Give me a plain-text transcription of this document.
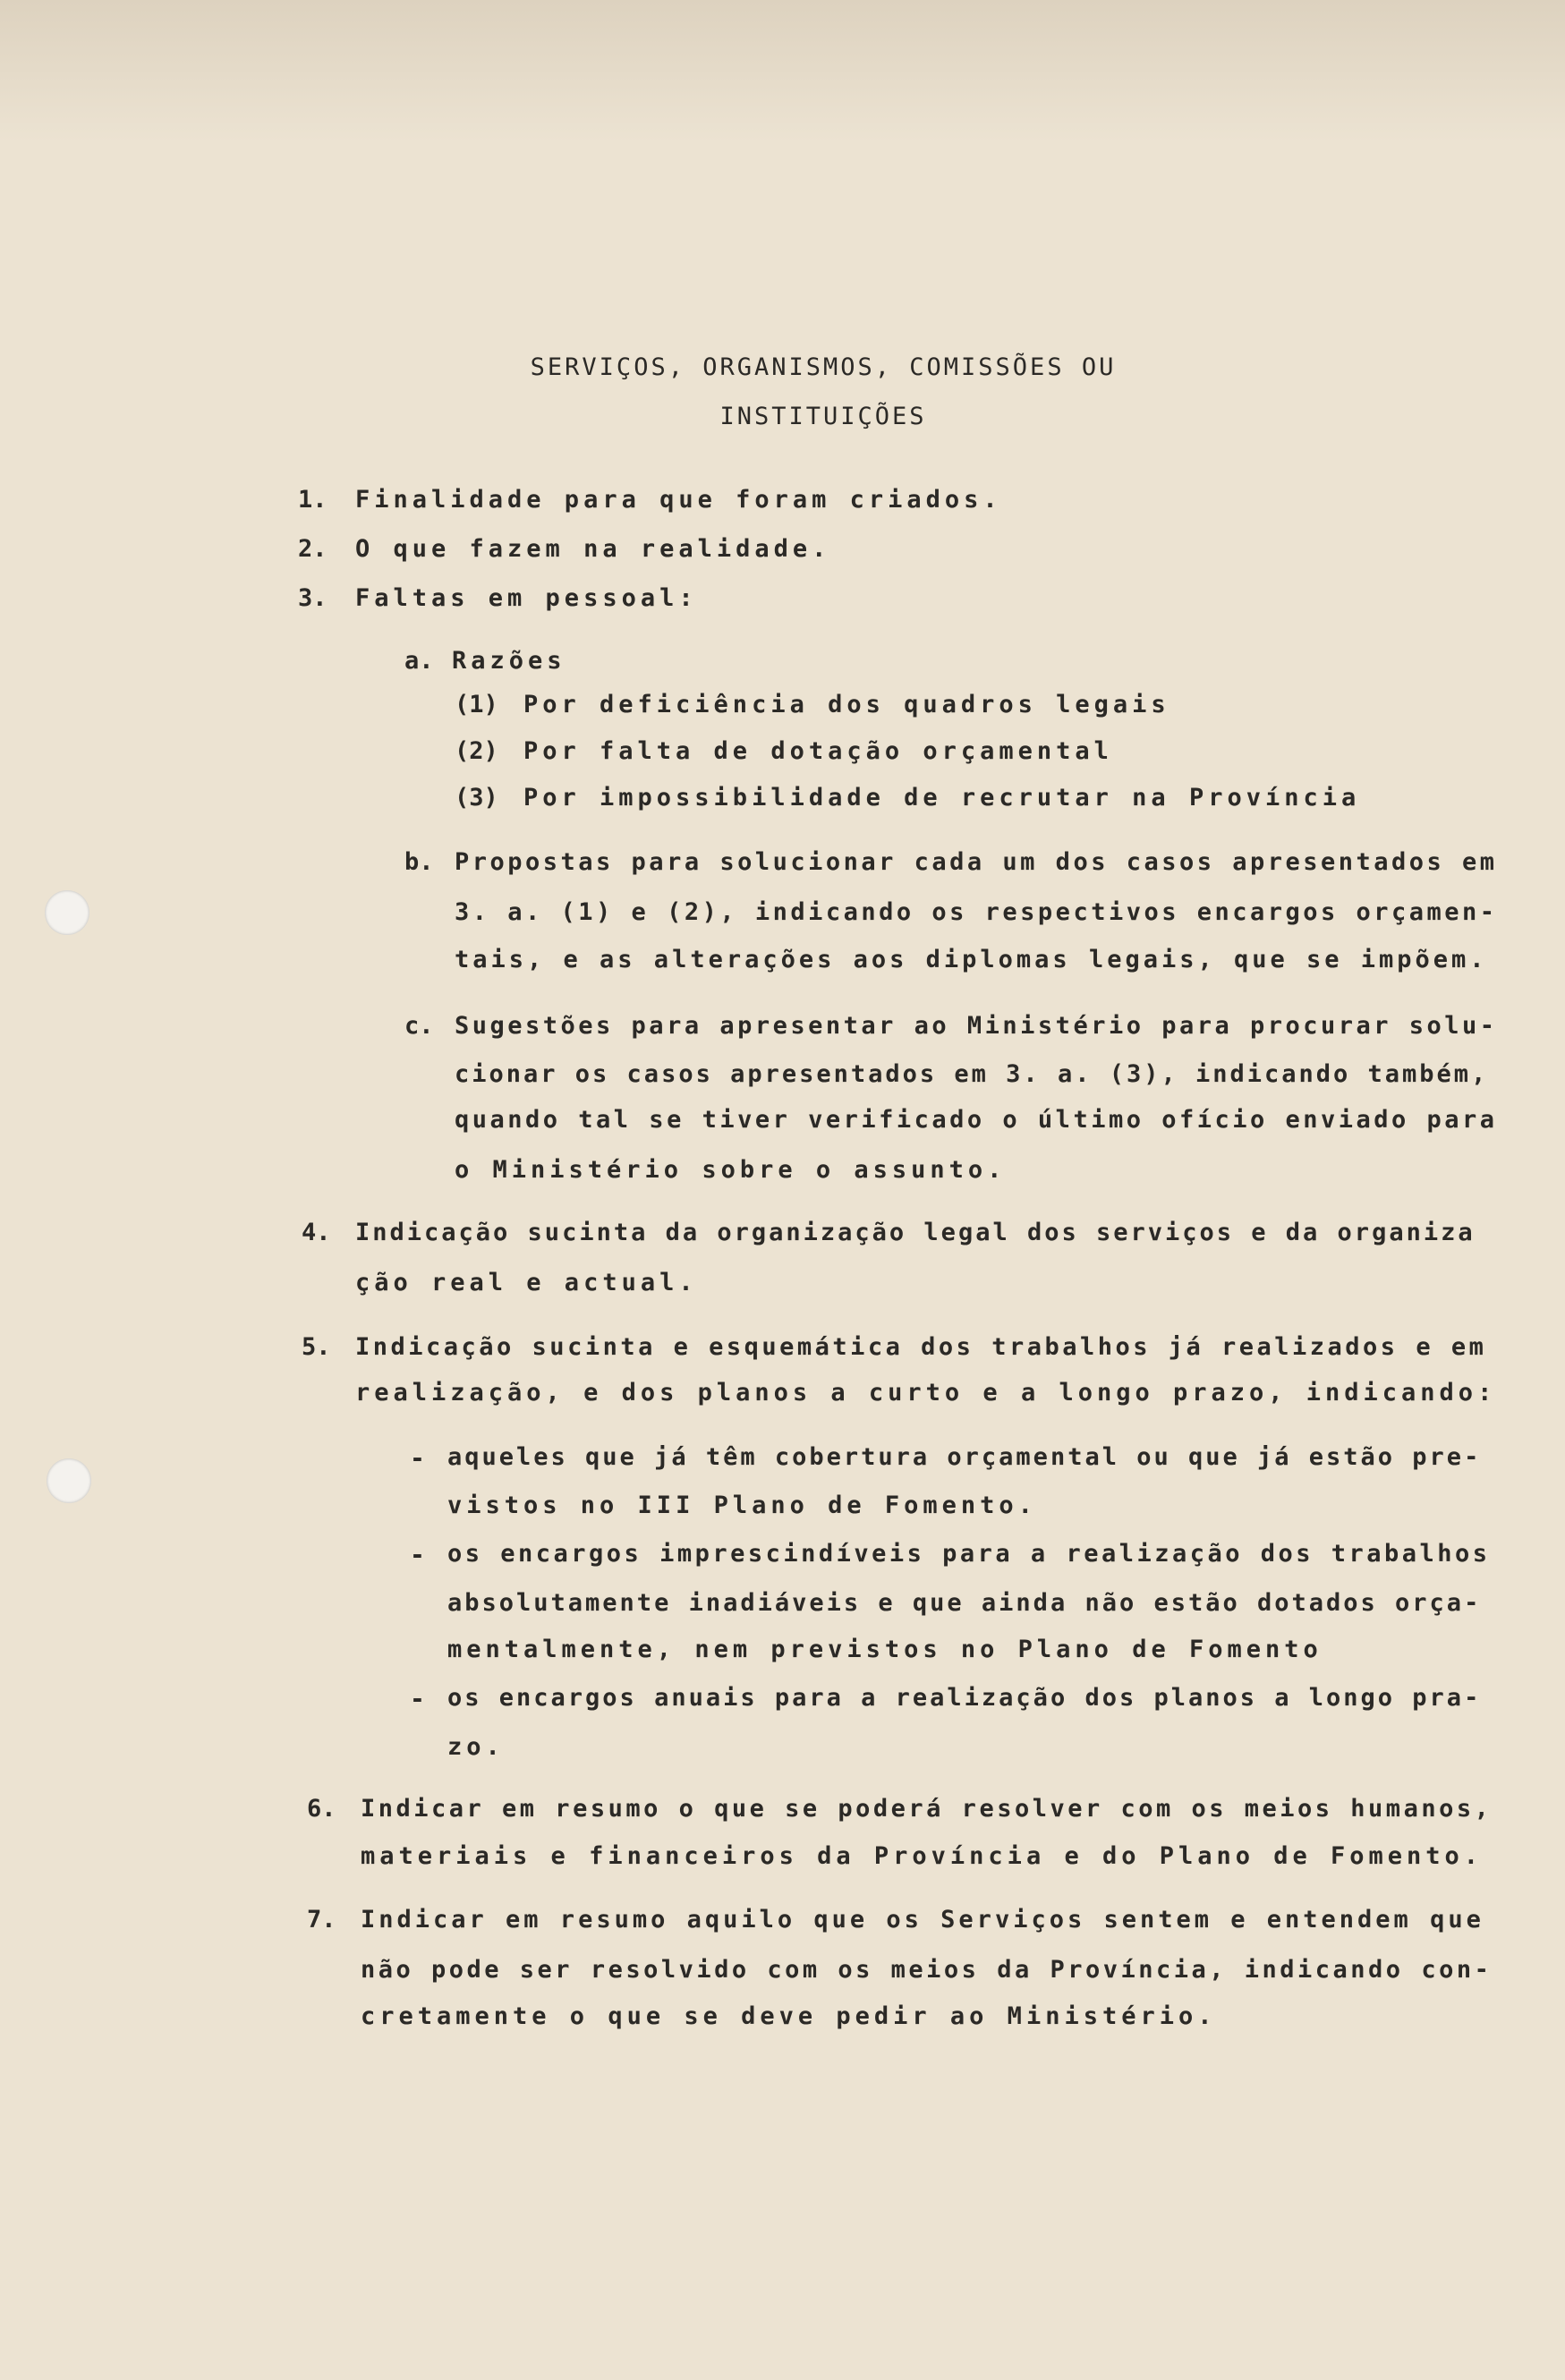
SERVIÇOS, ORGANISMOS, COMISSÕES OU
INSTITUIÇÕES
1. Finalidade para que foram criados.
2. O que fazem na realidade.
3. Faltas em pessoal:
a. Razões
(1) Por deficiência dos quadros legais
(2) Por falta de dotação orçamental
(3) Por impossibilidade de recrutar na Província
b. Propostas para solucionar cada um dos casos apresentados em
3. a. (1) e (2), indicando os respectivos encargos orçamen-
tais, e as alterações aos diplomas legais, que se impõem.
c. Sugestões para apresentar ao Ministério para procurar solu-
cionar os casos apresentados em 3. a. (3), indicando também,
quando tal se tiver verificado o último ofício enviado para
o Ministério sobre o assunto.
4. Indicação sucinta da organização legal dos serviços e da organiza
ção real e actual.
5. Indicação sucinta e esquemática dos trabalhos já realizados e em
realização, e dos planos a curto e a longo prazo, indicando:
- aqueles que já têm cobertura orçamental ou que já estão pre-
vistos no III Plano de Fomento.
- os encargos imprescindíveis para a realização dos trabalhos
absolutamente inadiáveis e que ainda não estão dotados orça-
mentalmente, nem previstos no Plano de Fomento
- os encargos anuais para a realização dos planos a longo pra-
zo.
6. Indicar em resumo o que se poderá resolver com os meios humanos,
materiais e financeiros da Província e do Plano de Fomento.
7. Indicar em resumo aquilo que os Serviços sentem e entendem que
não pode ser resolvido com os meios da Província, indicando con-
cretamente o que se deve pedir ao Ministério.
